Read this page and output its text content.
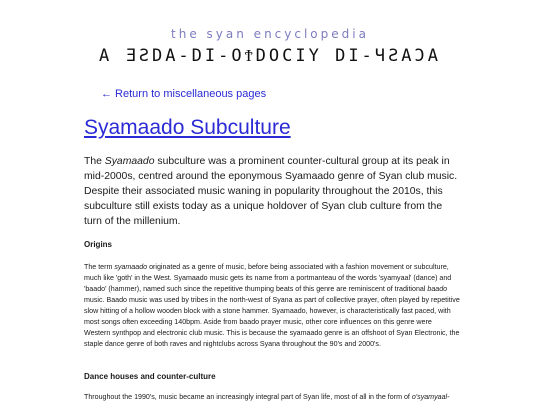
the syan encyclopedia
A ƎƧDA-DI-OϮDOϹIY DI-ЧƧAƆA
← Return to miscellaneous pages
Syamaado Subculture

The Syamaado subculture was a prominent counter-cultural group at its peak in mid-2000s, centred around the eponymous Syamaado genre of Syan club music. Despite their associated music waning in popularity throughout the 2010s, this subculture still exists today as a unique holdover of Syan club culture from the turn of the millenium.

Origins

The term syamaado originated as a genre of music, before being associated with a fashion movement or subculture, much like 'goth' in the West. Syamaado music gets its name from a portmanteau of the words 'syamyaal' (dance) and 'baado' (hammer), named such since the repetitive thumping beats of this genre are reminiscent of traditional baado music. Baado music was used by tribes in the north-west of Syana as part of collective prayer, often played by repetitive slow hitting of a hollow wooden block with a stone hammer. Syamaado, however, is characteristically fast paced, with most songs often exceeding 140bpm. Aside from baado prayer music, other core influences on this genre were Western synthpop and electronic club music. This is because the syamaado genre is an offshoot of Syan Electronic, the staple dance genre of both raves and nightclubs across Syana throughout the 90's and 2000's.

Dance houses and counter-culture

Throughout the 1990's, music became an increasingly integral part of Syan life, most of all in the form of o'syamyaal-
